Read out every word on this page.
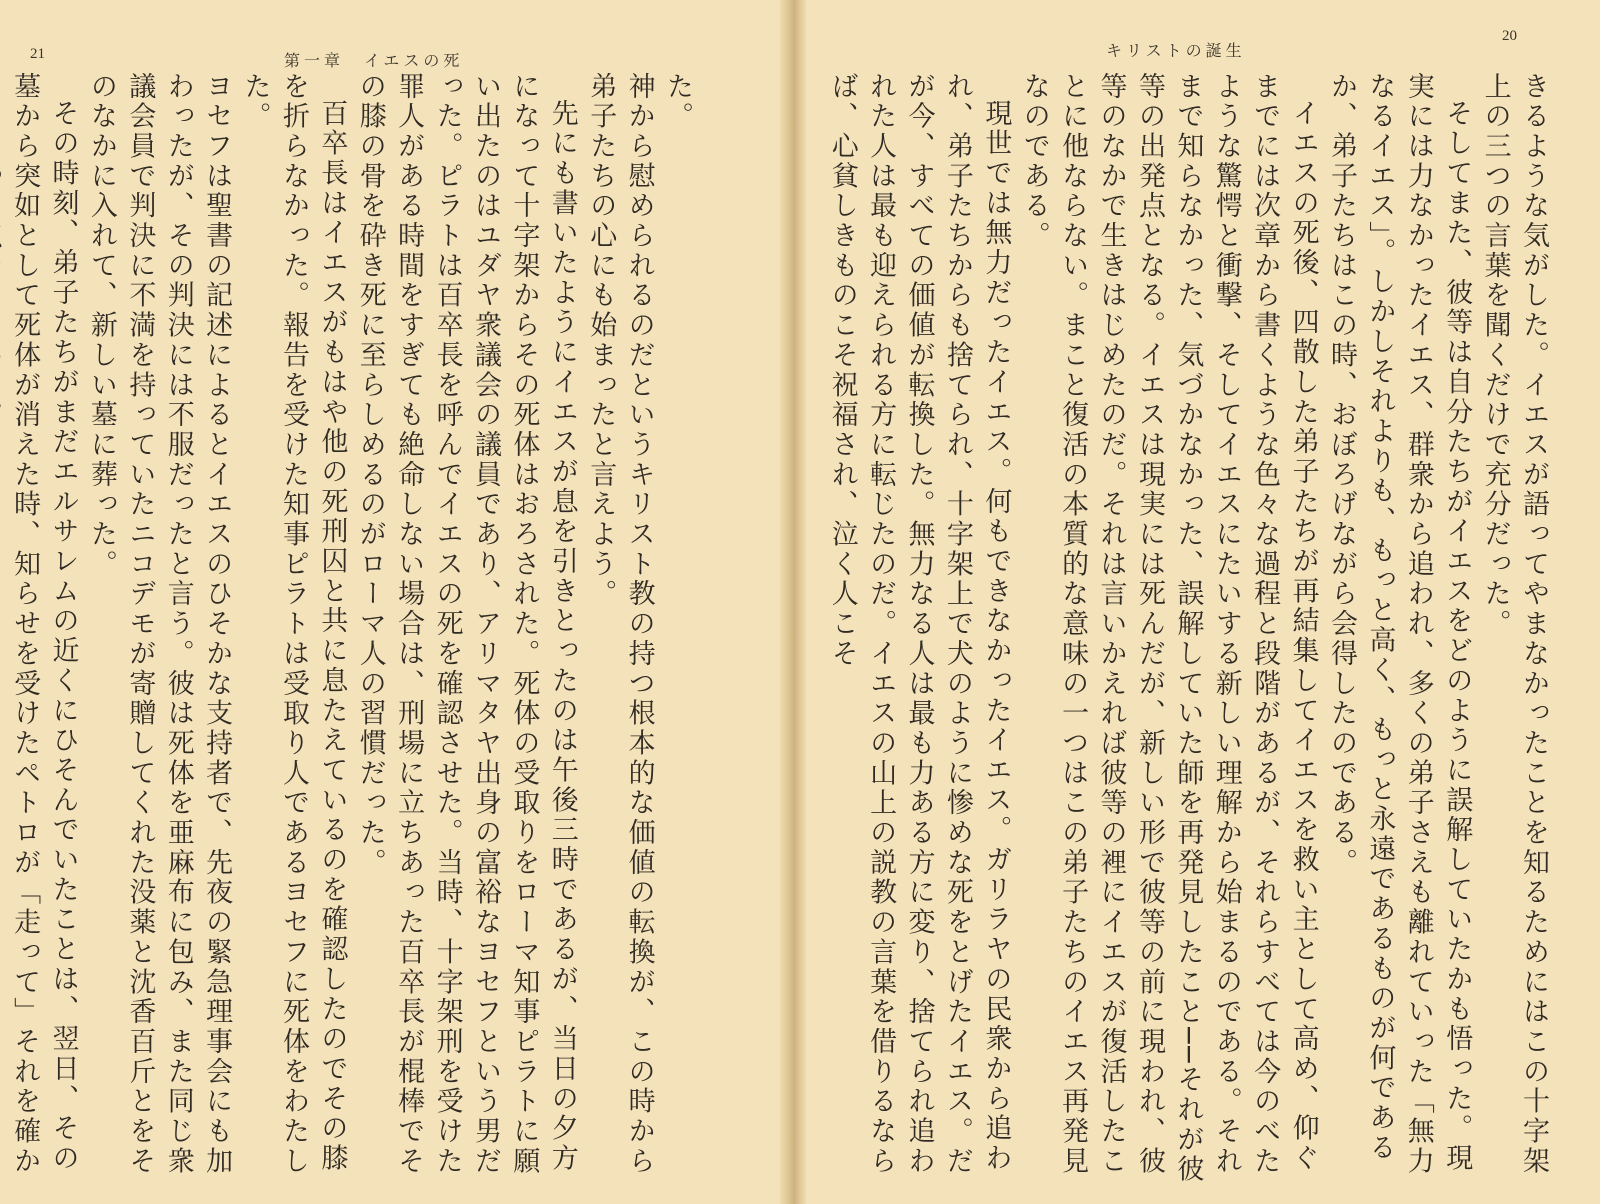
21	第一章　イエスの死

た。

神から慰められるのだというキリスト教の持つ根本的な価値の転換が、この時から弟子たちの心にも始まったと言えよう。

先にも書いたようにイエスが息を引きとったのは午後三時であるが、当日の夕方になって十字架からその死体はおろされた。死体の受取りをローマ知事ピラトに願い出たのはユダヤ衆議会の議員であり、アリマタヤ出身の富裕なヨセフという男だった。ピラトは百卒長を呼んでイエスの死を確認させた。当時、十字架刑を受けた罪人がある時間をすぎても絶命しない場合は、刑場に立ちあった百卒長が棍棒でその膝の骨を砕き死に至らしめるのがローマ人の習慣だった。

百卒長はイエスがもはや他の死刑囚と共に息たえているのを確認したのでその膝を折らなかった。報告を受けた知事ピラトは受取り人であるヨセフに死体をわたした。

ヨセフは聖書の記述によるとイエスのひそかな支持者で、先夜の緊急理事会にも加わったが、その判決には不服だったと言う。彼は死体を亜麻布に包み、また同じ衆議会員で判決に不満を持っていたニコデモが寄贈してくれた没薬と沈香百斤とをそのなかに入れて、新しい墓に葬った。

その時刻、弟子たちがまだエルサレムの近くにひそんでいたことは、翌日、その墓から突如として死体が消えた時、知らせを受けたペトロが「走って」それを確か

20
キリストの誕生

きるような気がした。イエスが語ってやまなかったことを知るためにはこの十字架上の三つの言葉を聞くだけで充分だった。

そしてまた、彼等は自分たちがイエスをどのように誤解していたかも悟った。現実には力なかったイエス、群衆から追われ、多くの弟子さえも離れていった「無力なるイエス」。しかしそれよりも、もっと高く、もっと永遠であるものが何であるか、弟子たちはこの時、おぼろげながら会得したのである。

イエスの死後、四散した弟子たちが再結集してイエスを救い主として高め、仰ぐまでには次章から書くような色々な過程と段階があるが、それらすべては今のべたような驚愕と衝撃、そしてイエスにたいする新しい理解から始まるのである。それまで知らなかった、気づかなかった、誤解していた師を再発見したこと──それが彼等の出発点となる。イエスは現実には死んだが、新しい形で彼等の前に現われ、彼等のなかで生きはじめたのだ。それは言いかえれば彼等の裡にイエスが復活したことに他ならない。まこと復活の本質的な意味の一つはこの弟子たちのイエス再発見なのである。

現世では無力だったイエス。何もできなかったイエス。ガリラヤの民衆から追われ、弟子たちからも捨てられ、十字架上で犬のように惨めな死をとげたイエス。だが今、すべての価値が転換した。無力なる人は最も力ある方に変り、捨てられ追われた人は最も迎えられる方に転じたのだ。イエスの山上の説教の言葉を借りるならば、心貧しきものこそ祝福され、泣く人こそ
